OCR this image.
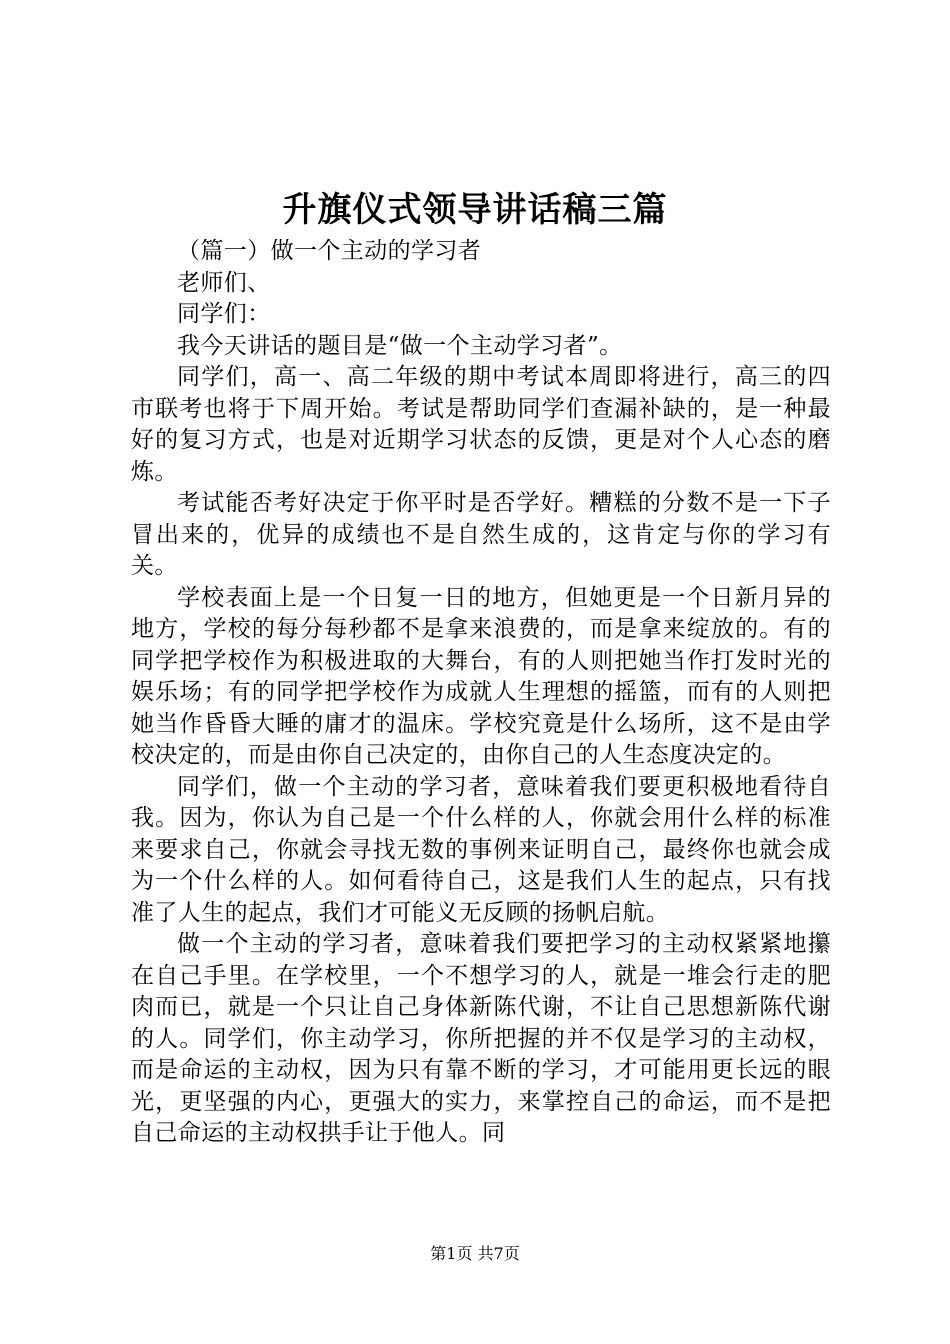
升旗仪式领导讲话稿三篇

（篇一）做一个主动的学习者

老师们、

同学们：

我今天讲话的题目是“做一个主动学习者”。

同学们，高一、高二年级的期中考试本周即将进行，高三的四市联考也将于下周开始。考试是帮助同学们查漏补缺的，是一种最好的复习方式，也是对近期学习状态的反馈，更是对个人心态的磨炼。

考试能否考好决定于你平时是否学好。糟糕的分数不是一下子冒出来的，优异的成绩也不是自然生成的，这肯定与你的学习有关。

学校表面上是一个日复一日的地方，但她更是一个日新月异的地方，学校的每分每秒都不是拿来浪费的，而是拿来绽放的。有的同学把学校作为积极进取的大舞台，有的人则把她当作打发时光的娱乐场；有的同学把学校作为成就人生理想的摇篮，而有的人则把她当作昏昏大睡的庸才的温床。学校究竟是什么场所，这不是由学校决定的，而是由你自己决定的，由你自己的人生态度决定的。

同学们，做一个主动的学习者，意味着我们要更积极地看待自我。因为，你认为自己是一个什么样的人，你就会用什么样的标准来要求自己，你就会寻找无数的事例来证明自己，最终你也就会成为一个什么样的人。如何看待自己，这是我们人生的起点，只有找准了人生的起点，我们才可能义无反顾的扬帆启航。

做一个主动的学习者，意味着我们要把学习的主动权紧紧地攥在自己手里。在学校里，一个不想学习的人，就是一堆会行走的肥肉而已，就是一个只让自己身体新陈代谢，不让自己思想新陈代谢的人。同学们，你主动学习，你所把握的并不仅是学习的主动权，而是命运的主动权，因为只有靠不断的学习，才可能用更长远的眼光，更坚强的内心，更强大的实力，来掌控自己的命运，而不是把自己命运的主动权拱手让于他人。同

第1页 共7页
